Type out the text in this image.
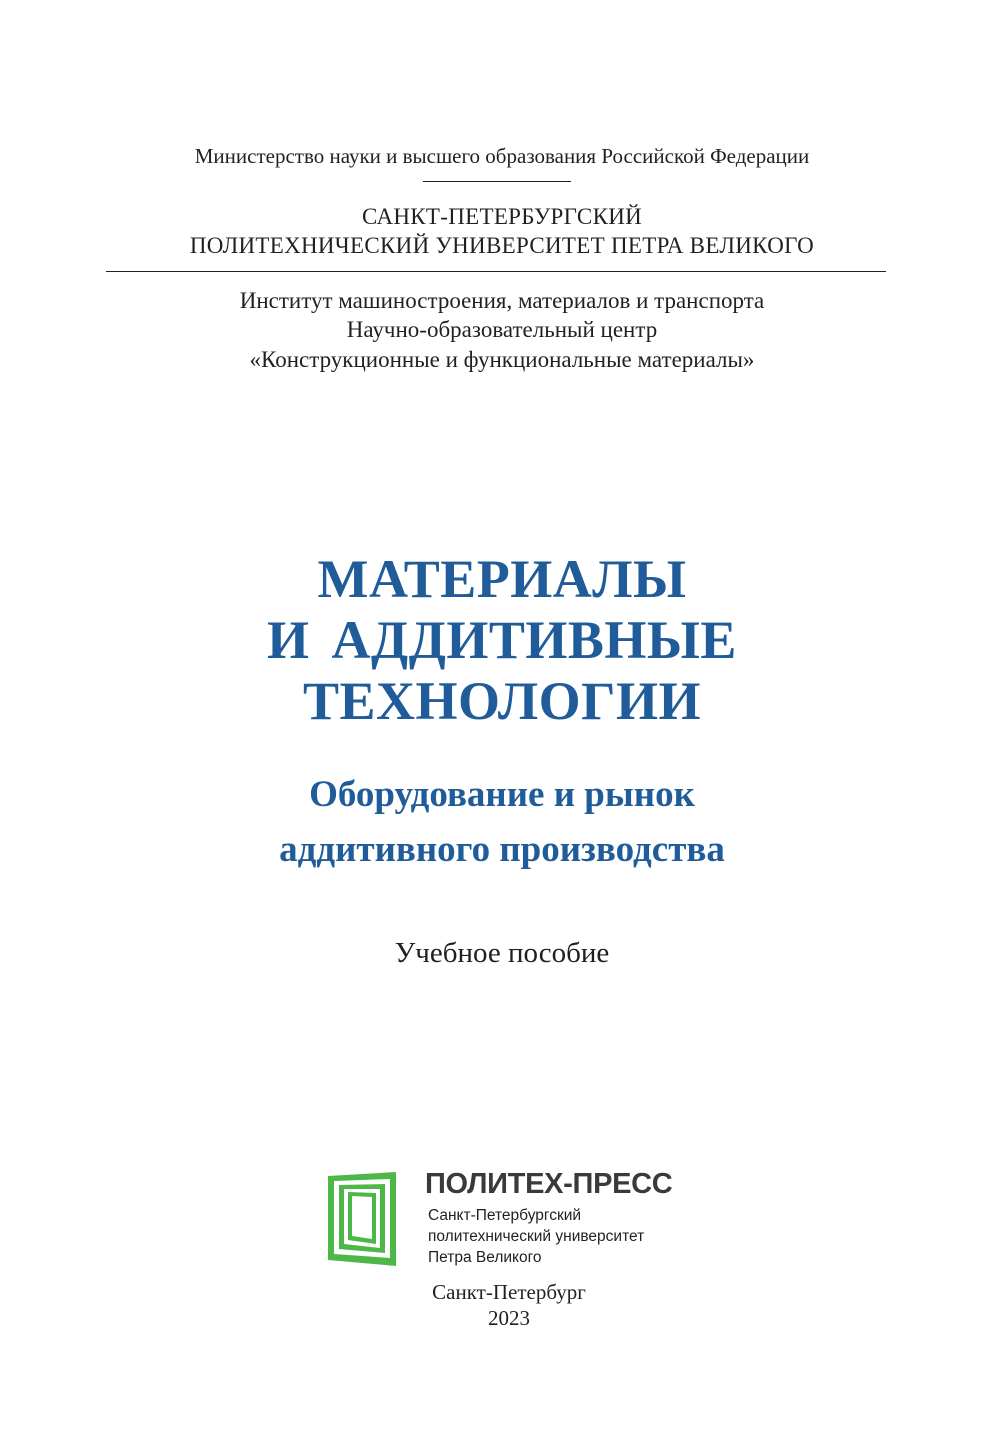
Министерство науки и высшего образования Российской Федерации
САНКТ-ПЕТЕРБУРГСКИЙ
ПОЛИТЕХНИЧЕСКИЙ УНИВЕРСИТЕТ ПЕТРА ВЕЛИКОГО
Институт машиностроения, материалов и транспорта
Научно-образовательный центр
«Конструкционные и функциональные материалы»
МАТЕРИАЛЫ
И АДДИТИВНЫЕ
ТЕХНОЛОГИИ
Оборудование и рынок
аддитивного производства
Учебное пособие
ПОЛИТЕХ-ПРЕСС
Санкт-Петербургский
политехнический университет
Петра Великого
Санкт-Петербург
2023
